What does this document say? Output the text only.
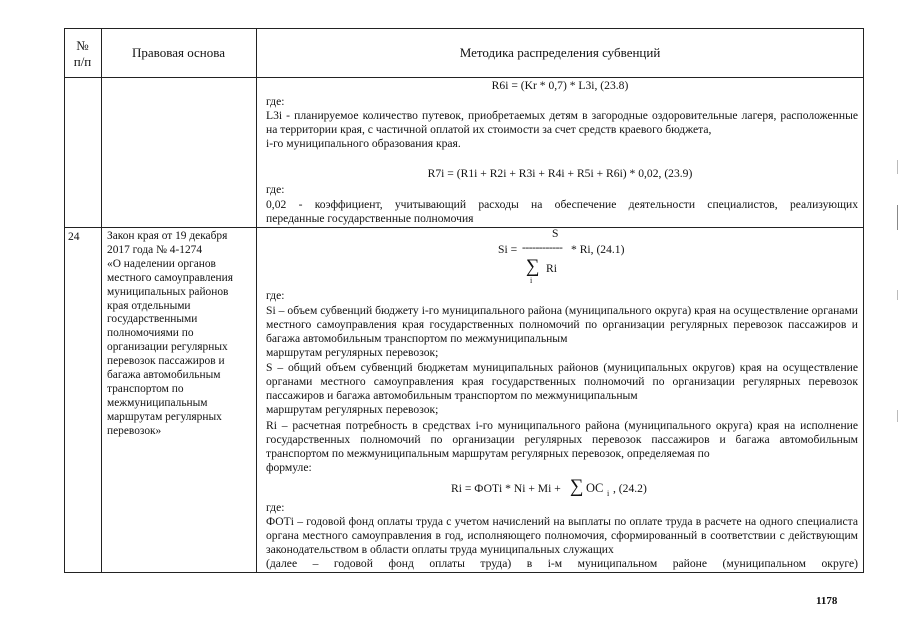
№
п/п
Правовая основа	Методика распределения субвенций
R6i = (Kr * 0,7) * L3i, (23.8)
где:
L3i - планируемое количество путевок, приобретаемых детям в загородные оздоровительные лагеря, расположенные на территории края, с частичной оплатой их стоимости за счет средств краевого бюджета,
i-го муниципального образования края.
R7i = (R1i + R2i + R3i + R4i + R5i + R6i) * 0,02, (23.9)
где:
0,02 - коэффициент, учитывающий расходы на обеспечение деятельности специалистов, реализующих
переданные государственные полномочия
24 Закон края от 19 декабря
2017 года № 4-1274
«О наделении органов
местного самоуправления
муниципальных районов
края отдельными
государственными
полномочиями по
организации регулярных
перевозок пассажиров и
багажа автомобильным
транспортом по
межмуниципальным
маршрутам регулярных
перевозок»
S
Si = ------------ * Ri, (24.1)
∑ Ri
i
где:
Si – объем субвенций бюджету i-го муниципального района (муниципального округа) края на осуществление органами местного самоуправления края государственных полномочий по организации регулярных перевозок пассажиров и багажа автомобильным транспортом по межмуниципальным
маршрутам регулярных перевозок;
S – общий объем субвенций бюджетам муниципальных районов (муниципальных округов) края на осуществление органами местного самоуправления края государственных полномочий по организации регулярных перевозок пассажиров и багажа автомобильным транспортом по межмуниципальным
маршрутам регулярных перевозок;
Ri – расчетная потребность в средствах i-го муниципального района (муниципального округа) края на исполнение государственных полномочий по организации регулярных перевозок пассажиров и багажа автомобильным транспортом по межмуниципальным маршрутам регулярных перевозок, определяемая по
формуле:
Ri = ФОТi * Ni + Mi + ∑ OC i , (24.2)
где:
ФОТi – годовой фонд оплаты труда с учетом начислений на выплаты по оплате труда в расчете на одного специалиста органа местного самоуправления в год, исполняющего полномочия, сформированный в соответствии с действующим законодательством в области оплаты труда муниципальных служащих
(далее – годовой фонд оплаты труда) в i-м муниципальном районе (муниципальном округе)
1178
